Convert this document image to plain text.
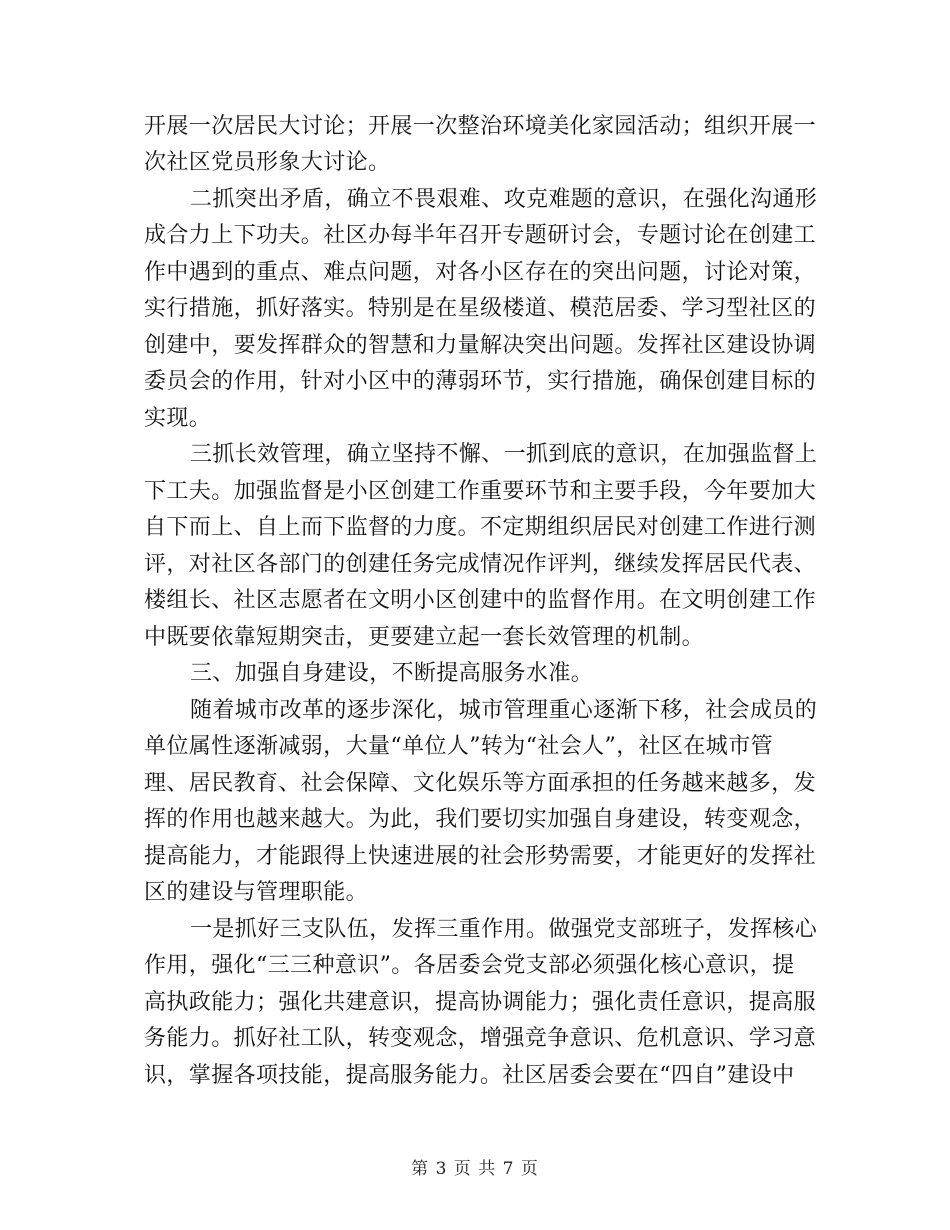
开展一次居民大讨论；开展一次整治环境美化家园活动；组织开展一
次社区党员形象大讨论。
二抓突出矛盾，确立不畏艰难、攻克难题的意识，在强化沟通形
成合力上下功夫。社区办每半年召开专题研讨会，专题讨论在创建工
作中遇到的重点、难点问题，对各小区存在的突出问题，讨论对策，
实行措施，抓好落实。特别是在星级楼道、模范居委、学习型社区的
创建中，要发挥群众的智慧和力量解决突出问题。发挥社区建设协调
委员会的作用，针对小区中的薄弱环节，实行措施，确保创建目标的
实现。
三抓长效管理，确立坚持不懈、一抓到底的意识，在加强监督上
下工夫。加强监督是小区创建工作重要环节和主要手段，今年要加大
自下而上、自上而下监督的力度。不定期组织居民对创建工作进行测
评，对社区各部门的创建任务完成情况作评判，继续发挥居民代表、
楼组长、社区志愿者在文明小区创建中的监督作用。在文明创建工作
中既要依靠短期突击，更要建立起一套长效管理的机制。
三、加强自身建设，不断提高服务水准。
随着城市改革的逐步深化，城市管理重心逐渐下移，社会成员的
单位属性逐渐减弱，大量“单位人”转为“社会人”，社区在城市管
理、居民教育、社会保障、文化娱乐等方面承担的任务越来越多，发
挥的作用也越来越大。为此，我们要切实加强自身建设，转变观念，
提高能力，才能跟得上快速进展的社会形势需要，才能更好的发挥社
区的建设与管理职能。
一是抓好三支队伍，发挥三重作用。做强党支部班子，发挥核心
作用，强化“三三种意识”。各居委会党支部必须强化核心意识，提
高执政能力；强化共建意识，提高协调能力；强化责任意识，提高服
务能力。抓好社工队，转变观念，增强竞争意识、危机意识、学习意
识，掌握各项技能，提高服务能力。社区居委会要在“四自”建设中
第 3 页 共 7 页
